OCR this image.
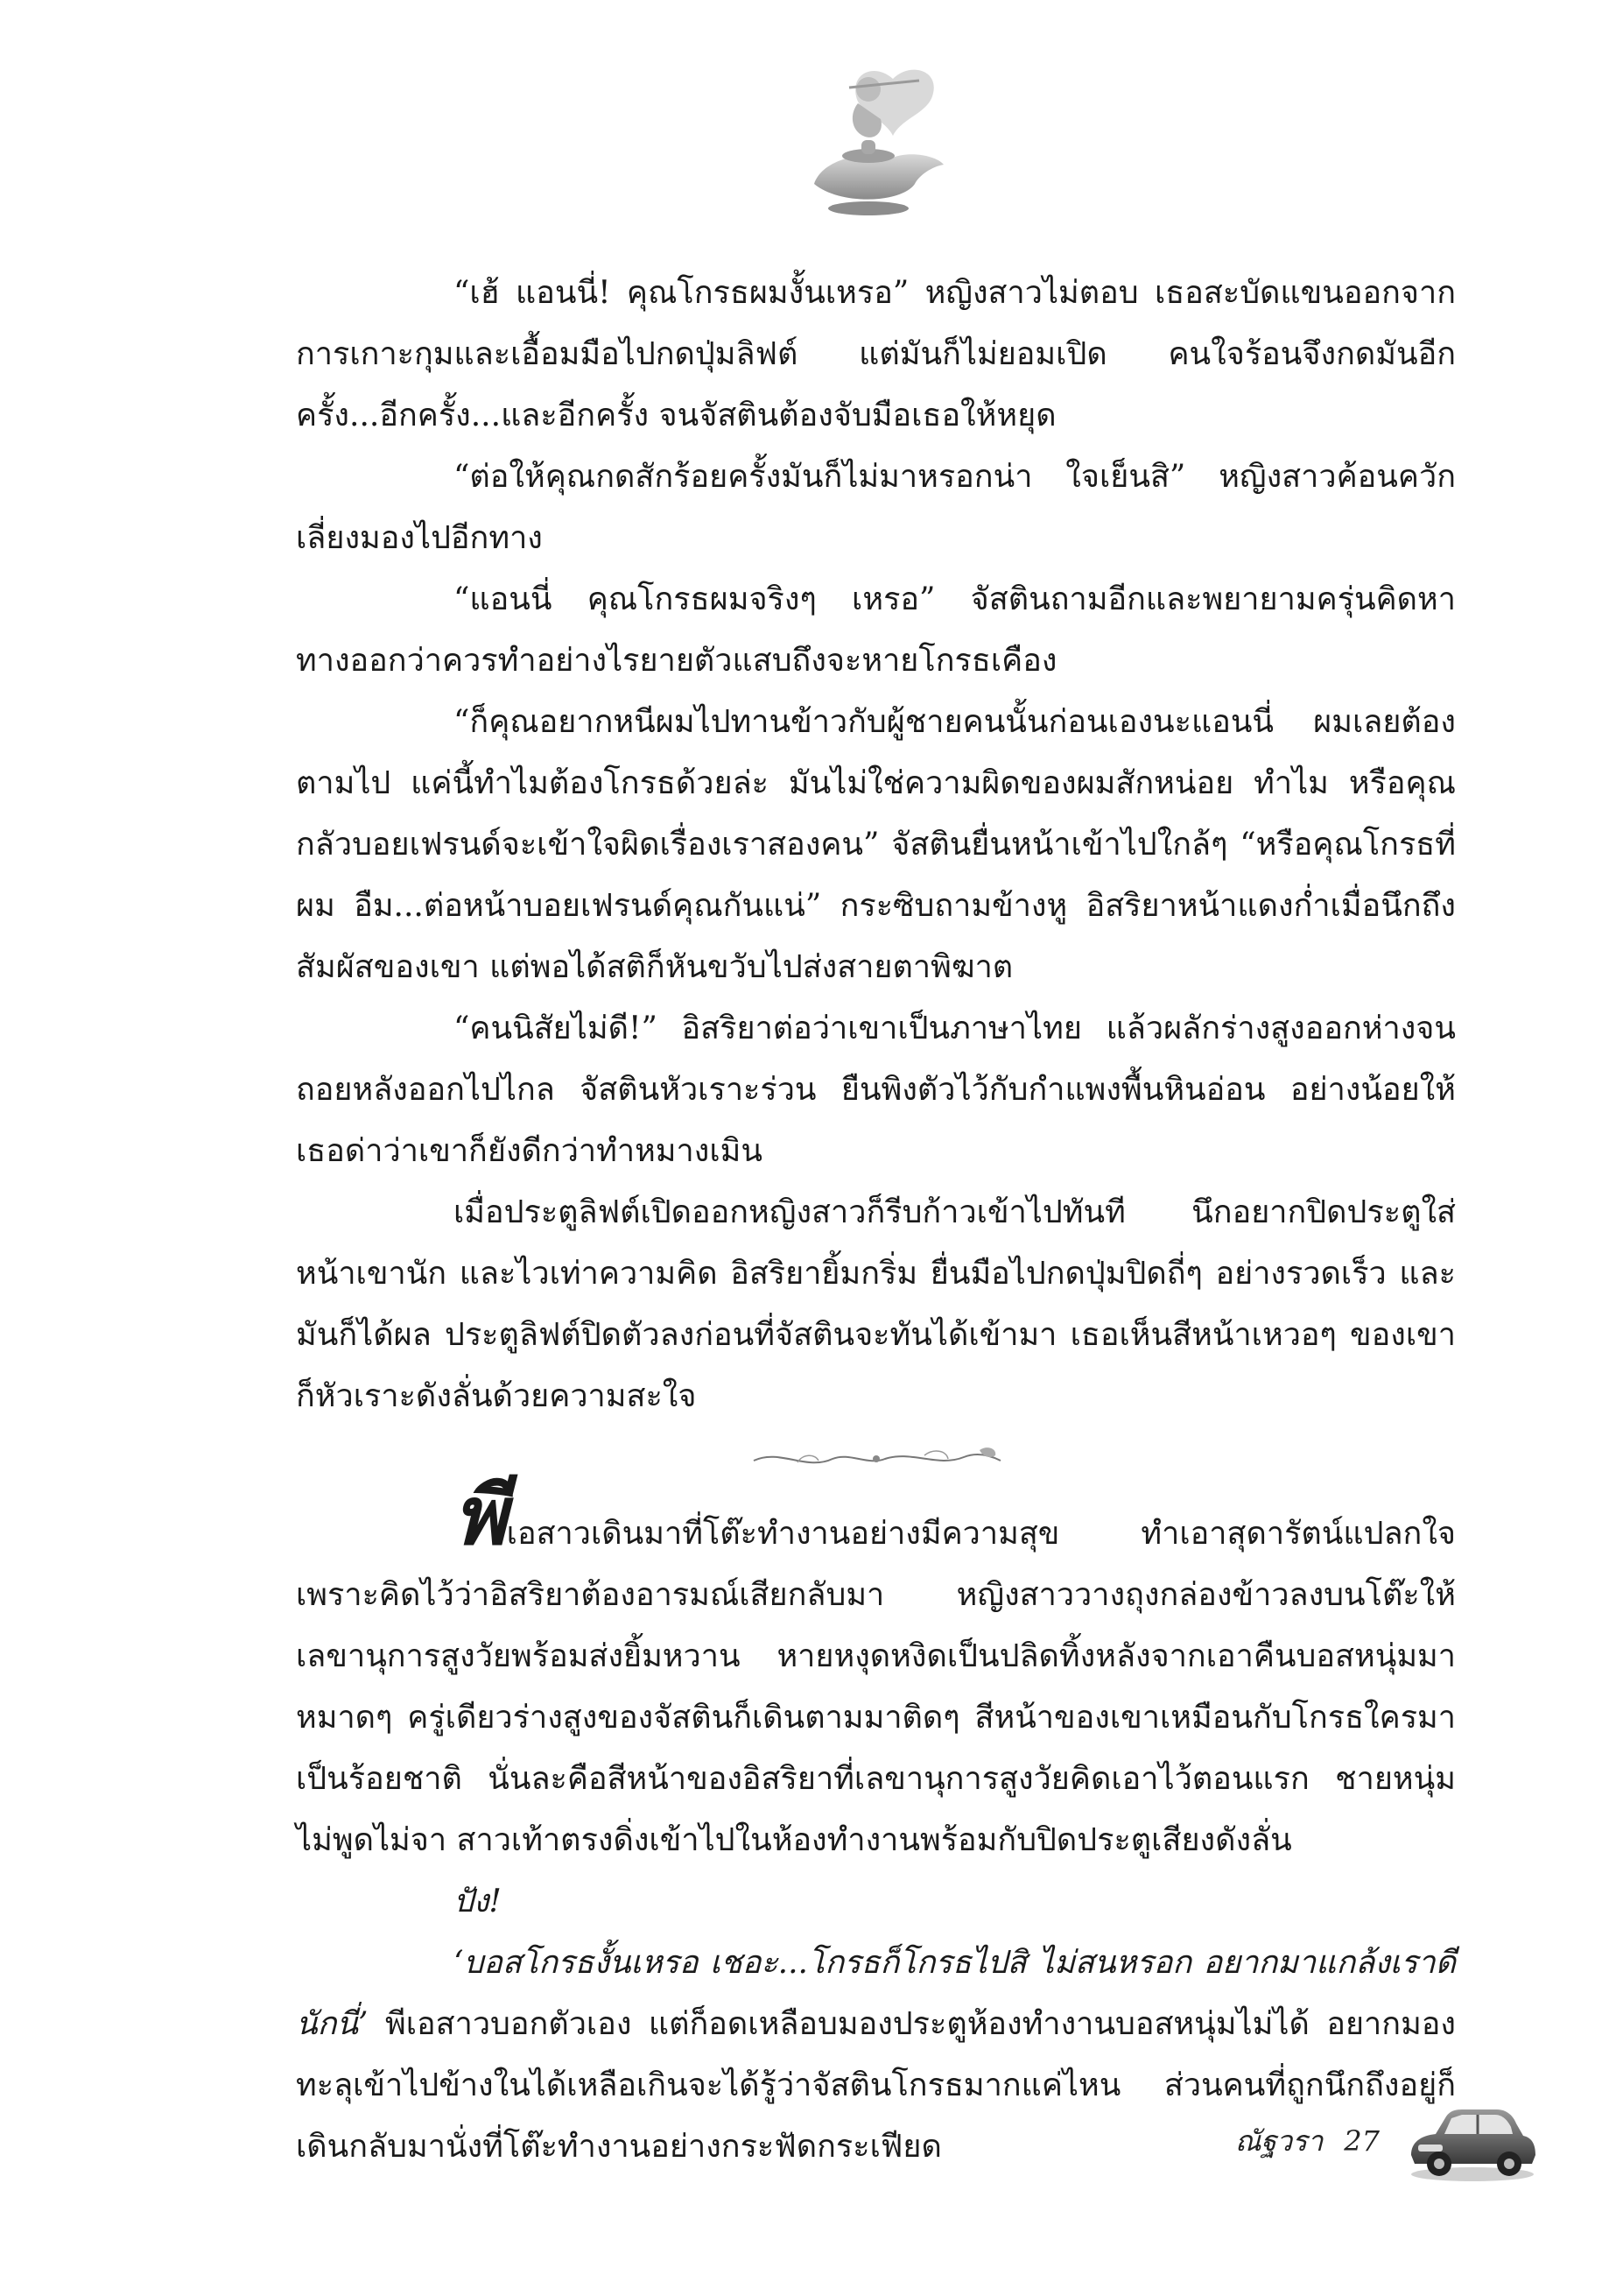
“เฮ้ แอนนี่! คุณโกรธผมงั้นเหรอ” หญิงสาวไม่ตอบ เธอสะบัดแขนออกจากการเกาะกุมและเอื้อมมือไปกดปุ่มลิฟต์ แต่มันก็ไม่ยอมเปิด คนใจร้อนจึงกดมันอีกครั้ง...อีกครั้ง...และอีกครั้ง จนจัสตินต้องจับมือเธอให้หยุด

“ต่อให้คุณกดสักร้อยครั้งมันก็ไม่มาหรอกน่า ใจเย็นสิ” หญิงสาวค้อนควักเลี่ยงมองไปอีกทาง

“แอนนี่ คุณโกรธผมจริงๆ เหรอ” จัสตินถามอีกและพยายามครุ่นคิดหาทางออกว่าควรทำอย่างไรยายตัวแสบถึงจะหายโกรธเคือง

“ก็คุณอยากหนีผมไปทานข้าวกับผู้ชายคนนั้นก่อนเองนะแอนนี่ ผมเลยต้องตามไป แค่นี้ทำไมต้องโกรธด้วยล่ะ มันไม่ใช่ความผิดของผมสักหน่อย ทำไม หรือคุณกลัวบอยเฟรนด์จะเข้าใจผิดเรื่องเราสองคน” จัสตินยื่นหน้าเข้าไปใกล้ๆ “หรือคุณโกรธที่ผม อืม...ต่อหน้าบอยเฟรนด์คุณกันแน่” กระซิบถามข้างหู อิสริยาหน้าแดงก่ำเมื่อนึกถึงสัมผัสของเขา แต่พอได้สติก็หันขวับไปส่งสายตาพิฆาต

“คนนิสัยไม่ดี!” อิสริยาต่อว่าเขาเป็นภาษาไทย แล้วผลักร่างสูงออกห่างจนถอยหลังออกไปไกล จัสตินหัวเราะร่วน ยืนพิงตัวไว้กับกำแพงพื้นหินอ่อน อย่างน้อยให้เธอด่าว่าเขาก็ยังดีกว่าทำหมางเมิน

เมื่อประตูลิฟต์เปิดออกหญิงสาวก็รีบก้าวเข้าไปทันที นึกอยากปิดประตูใส่หน้าเขานัก และไวเท่าความคิด อิสริยายิ้มกริ่ม ยื่นมือไปกดปุ่มปิดถี่ๆ อย่างรวดเร็ว และมันก็ได้ผล ประตูลิฟต์ปิดตัวลงก่อนที่จัสตินจะทันได้เข้ามา เธอเห็นสีหน้าเหวอๆ ของเขาก็หัวเราะดังลั่นด้วยความสะใจ

พีเอสาวเดินมาที่โต๊ะทำงานอย่างมีความสุข ทำเอาสุดารัตน์แปลกใจเพราะคิดไว้ว่าอิสริยาต้องอารมณ์เสียกลับมา หญิงสาววางถุงกล่องข้าวลงบนโต๊ะให้เลขานุการสูงวัยพร้อมส่งยิ้มหวาน หายหงุดหงิดเป็นปลิดทิ้งหลังจากเอาคืนบอสหนุ่มมาหมาดๆ ครู่เดียวร่างสูงของจัสตินก็เดินตามมาติดๆ สีหน้าของเขาเหมือนกับโกรธใครมาเป็นร้อยชาติ นั่นละคือสีหน้าของอิสริยาที่เลขานุการสูงวัยคิดเอาไว้ตอนแรก ชายหนุ่มไม่พูดไม่จา สาวเท้าตรงดิ่งเข้าไปในห้องทำงานพร้อมกับปิดประตูเสียงดังลั่น

ปัง!

‘บอสโกรธงั้นเหรอ เชอะ...โกรธก็โกรธไปสิ ไม่สนหรอก อยากมาแกล้งเราดีนักนี่’ พีเอสาวบอกตัวเอง แต่ก็อดเหลือบมองประตูห้องทำงานบอสหนุ่มไม่ได้ อยากมองทะลุเข้าไปข้างในได้เหลือเกินจะได้รู้ว่าจัสตินโกรธมากแค่ไหน ส่วนคนที่ถูกนึกถึงอยู่ก็เดินกลับมานั่งที่โต๊ะทำงานอย่างกระฟัดกระเฟียด	ณัฐวรา 27
